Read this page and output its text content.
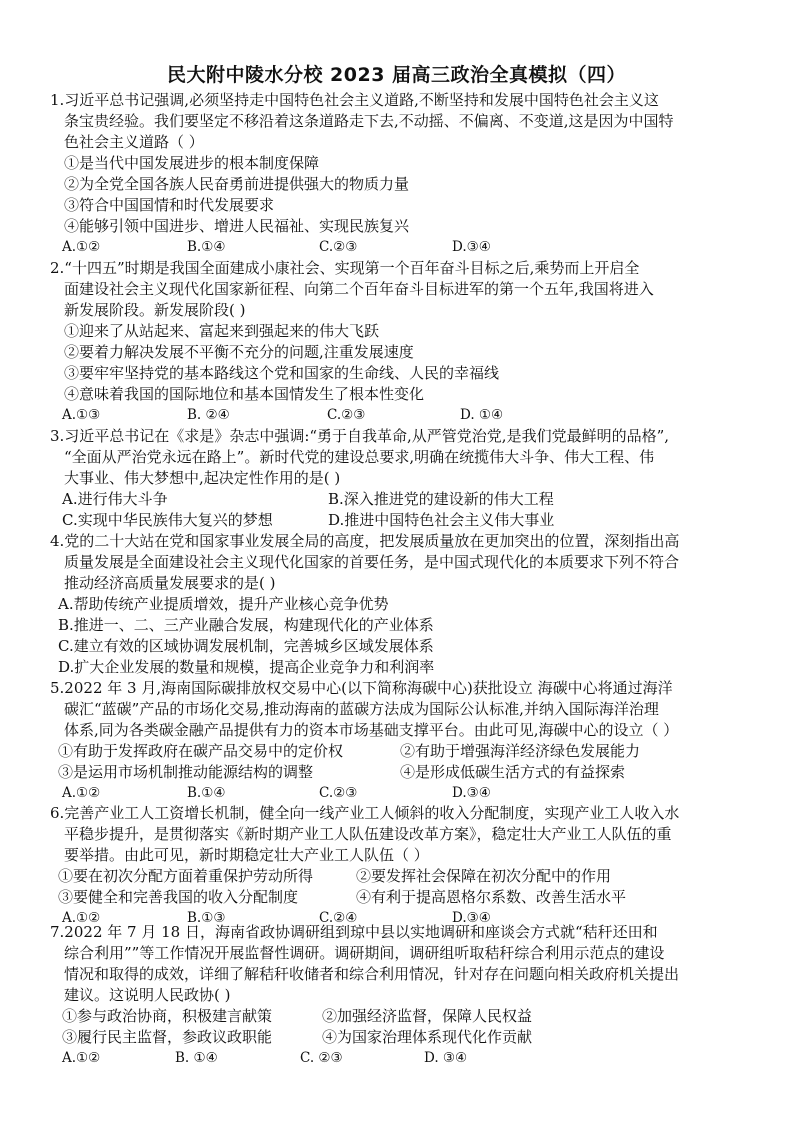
民大附中陵水分校 2023 届高三政治全真模拟（四）
1.习近平总书记强调,必须坚持走中国特色社会主义道路,不断坚持和发展中国特色社会主义这
条宝贵经验。我们要坚定不移沿着这条道路走下去,不动摇、不偏离、不变道,这是因为中国特
色社会主义道路（ ）
①是当代中国发展进步的根本制度保障
②为全党全国各族人民奋勇前进提供强大的物质力量
③符合中国国情和时代发展要求
④能够引领中国进步、增进人民福祉、实现民族复兴
A.①②	B.①④	C.②③	D.③④
2.“十四五”时期是我国全面建成小康社会、实现第一个百年奋斗目标之后,乘势而上开启全
面建设社会主义现代化国家新征程、向第二个百年奋斗目标进军的第一个五年,我国将进入
新发展阶段。新发展阶段( )
①迎来了从站起来、富起来到强起来的伟大飞跃
②要着力解决发展不平衡不充分的问题,注重发展速度
③要牢牢坚持党的基本路线这个党和国家的生命线、人民的幸福线
④意味着我国的国际地位和基本国情发生了根本性变化
A.①③	B. ②④	C.②③	D. ①④
3.习近平总书记在《求是》杂志中强调:“勇于自我革命,从严管党治党,是我们党最鲜明的品格”,
“全面从严治党永远在路上”。新时代党的建设总要求,明确在统揽伟大斗争、伟大工程、伟
大事业、伟大梦想中,起决定性作用的是( )
A.进行伟大斗争	B.深入推进党的建设新的伟大工程
C.实现中华民族伟大复兴的梦想	D.推进中国特色社会主义伟大事业
4.党的二十大站在党和国家事业发展全局的高度，把发展质量放在更加突出的位置，深刻指出高
质量发展是全面建设社会主义现代化国家的首要任务，是中国式现代化的本质要求下列不符合
推动经济高质量发展要求的是( )
A.帮助传统产业提质增效，提升产业核心竞争优势
B.推进一、二、三产业融合发展，构建现代化的产业体系
C.建立有效的区域协调发展机制，完善城乡区域发展体系
D.扩大企业发展的数量和规模，提高企业竞争力和利润率
5.2022 年 3 月,海南国际碳排放权交易中心(以下简称海碳中心)获批设立 海碳中心将通过海洋
碳汇“蓝碳”产品的市场化交易,推动海南的蓝碳方法成为国际公认标准,并纳入国际海洋治理
体系,同为各类碳金融产品提供有力的资本市场基础支撑平台。由此可见,海碳中心的设立（ ）
①有助于发挥政府在碳产品交易中的定价权	②有助于增强海洋经济绿色发展能力
③是运用市场机制推动能源结构的调整	④是形成低碳生活方式的有益探索
A.①②	B.①④	C.②③	D.③④
6.完善产业工人工资增长机制，健全向一线产业工人倾斜的收入分配制度，实现产业工人收入水
平稳步提升，是贯彻落实《新时期产业工人队伍建设改革方案》，稳定壮大产业工人队伍的重
要举措。由此可见，新时期稳定壮大产业工人队伍（ ）
①要在初次分配方面着重保护劳动所得	②要发挥社会保障在初次分配中的作用
③要健全和完善我国的收入分配制度	④有利于提高恩格尔系数、改善生活水平
A.①②	B.①③	C.②④	D.③④
7.2022 年 7 月 18 日，海南省政协调研组到琼中县以实地调研和座谈会方式就“秸秆还田和
综合利用””等工作情况开展监督性调研。调研期间，调研组听取秸秆综合利用示范点的建设
情况和取得的成效，详细了解秸秆收储者和综合利用情况，针对存在问题向相关政府机关提出
建议。这说明人民政协( )
①参与政治协商，积极建言献策	②加强经济监督，保障人民权益
③履行民主监督，参政议政职能	④为国家治理体系现代化作贡献
A.①②	B. ①④	C. ②③	D. ③④
